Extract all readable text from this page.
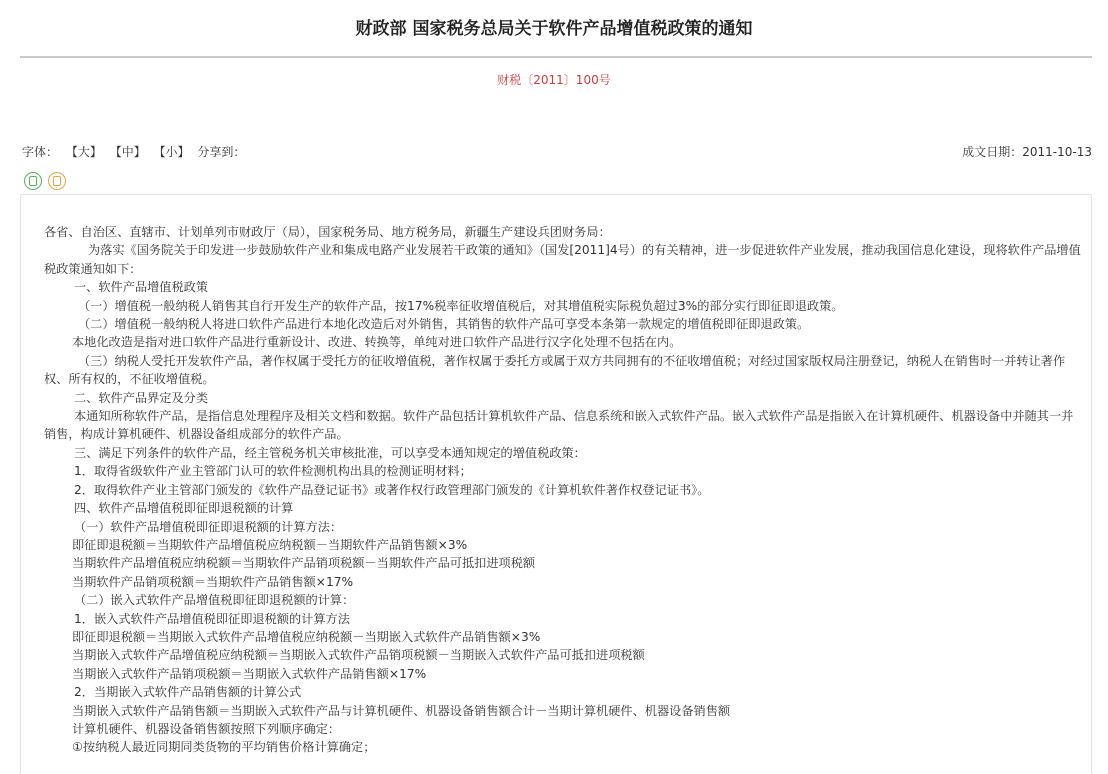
财政部 国家税务总局关于软件产品增值税政策的通知
财税〔2011〕100号
字体： 【大】 【中】 【小】 分享到：	成文日期：2011-10-13

各省、自治区、直辖市、计划单列市财政厅（局），国家税务局、地方税务局，新疆生产建设兵团财务局：

为落实《国务院关于印发进一步鼓励软件产业和集成电路产业发展若干政策的通知》（国发[2011]4号）的有关精神，进一步促进软件产业发展，推动我国信息化建设，现将软件产品增值税政策通知如下：

一、软件产品增值税政策

（一）增值税一般纳税人销售其自行开发生产的软件产品，按17%税率征收增值税后，对其增值税实际税负超过3%的部分实行即征即退政策。

（二）增值税一般纳税人将进口软件产品进行本地化改造后对外销售，其销售的软件产品可享受本条第一款规定的增值税即征即退政策。

本地化改造是指对进口软件产品进行重新设计、改进、转换等，单纯对进口软件产品进行汉字化处理不包括在内。

（三）纳税人受托开发软件产品，著作权属于受托方的征收增值税，著作权属于委托方或属于双方共同拥有的不征收增值税；对经过国家版权局注册登记，纳税人在销售时一并转让著作权、所有权的，不征收增值税。

二、软件产品界定及分类

本通知所称软件产品，是指信息处理程序及相关文档和数据。软件产品包括计算机软件产品、信息系统和嵌入式软件产品。嵌入式软件产品是指嵌入在计算机硬件、机器设备中并随其一并销售，构成计算机硬件、机器设备组成部分的软件产品。

三、满足下列条件的软件产品，经主管税务机关审核批准，可以享受本通知规定的增值税政策：

1．取得省级软件产业主管部门认可的软件检测机构出具的检测证明材料；

2．取得软件产业主管部门颁发的《软件产品登记证书》或著作权行政管理部门颁发的《计算机软件著作权登记证书》。

四、软件产品增值税即征即退税额的计算

（一）软件产品增值税即征即退税额的计算方法：

即征即退税额＝当期软件产品增值税应纳税额－当期软件产品销售额×3%

当期软件产品增值税应纳税额＝当期软件产品销项税额－当期软件产品可抵扣进项税额

当期软件产品销项税额＝当期软件产品销售额×17%

（二）嵌入式软件产品增值税即征即退税额的计算：

1．嵌入式软件产品增值税即征即退税额的计算方法

即征即退税额＝当期嵌入式软件产品增值税应纳税额－当期嵌入式软件产品销售额×3%

当期嵌入式软件产品增值税应纳税额＝当期嵌入式软件产品销项税额－当期嵌入式软件产品可抵扣进项税额

当期嵌入式软件产品销项税额＝当期嵌入式软件产品销售额×17%

2．当期嵌入式软件产品销售额的计算公式

当期嵌入式软件产品销售额＝当期嵌入式软件产品与计算机硬件、机器设备销售额合计－当期计算机硬件、机器设备销售额

计算机硬件、机器设备销售额按照下列顺序确定：

①按纳税人最近同期同类货物的平均销售价格计算确定；
